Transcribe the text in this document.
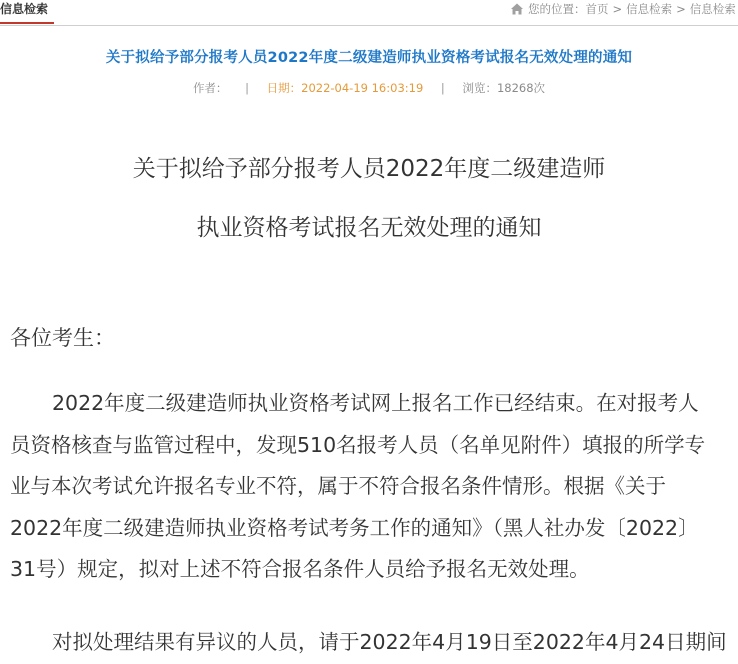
信息检索	您的位置： 首页 > 信息检索 > 信息检索
关于拟给予部分报考人员2022年度二级建造师执业资格考试报名无效处理的通知
作者： | 日期：2022-04-19 16:03:19 | 浏览：18268次
关于拟给予部分报考人员2022年度二级建造师
执业资格考试报名无效处理的通知
各位考生：
2022年度二级建造师执业资格考试网上报名工作已经结束。在对报考人
员资格核查与监管过程中，发现510名报考人员（名单见附件）填报的所学专
业与本次考试允许报名专业不符，属于不符合报名条件情形。根据《关于
2022年度二级建造师执业资格考试考务工作的通知》（黑人社办发〔2022〕
31号）规定，拟对上述不符合报名条件人员给予报名无效处理。
对拟处理结果有异议的人员，请于2022年4月19日至2022年4月24日期间
